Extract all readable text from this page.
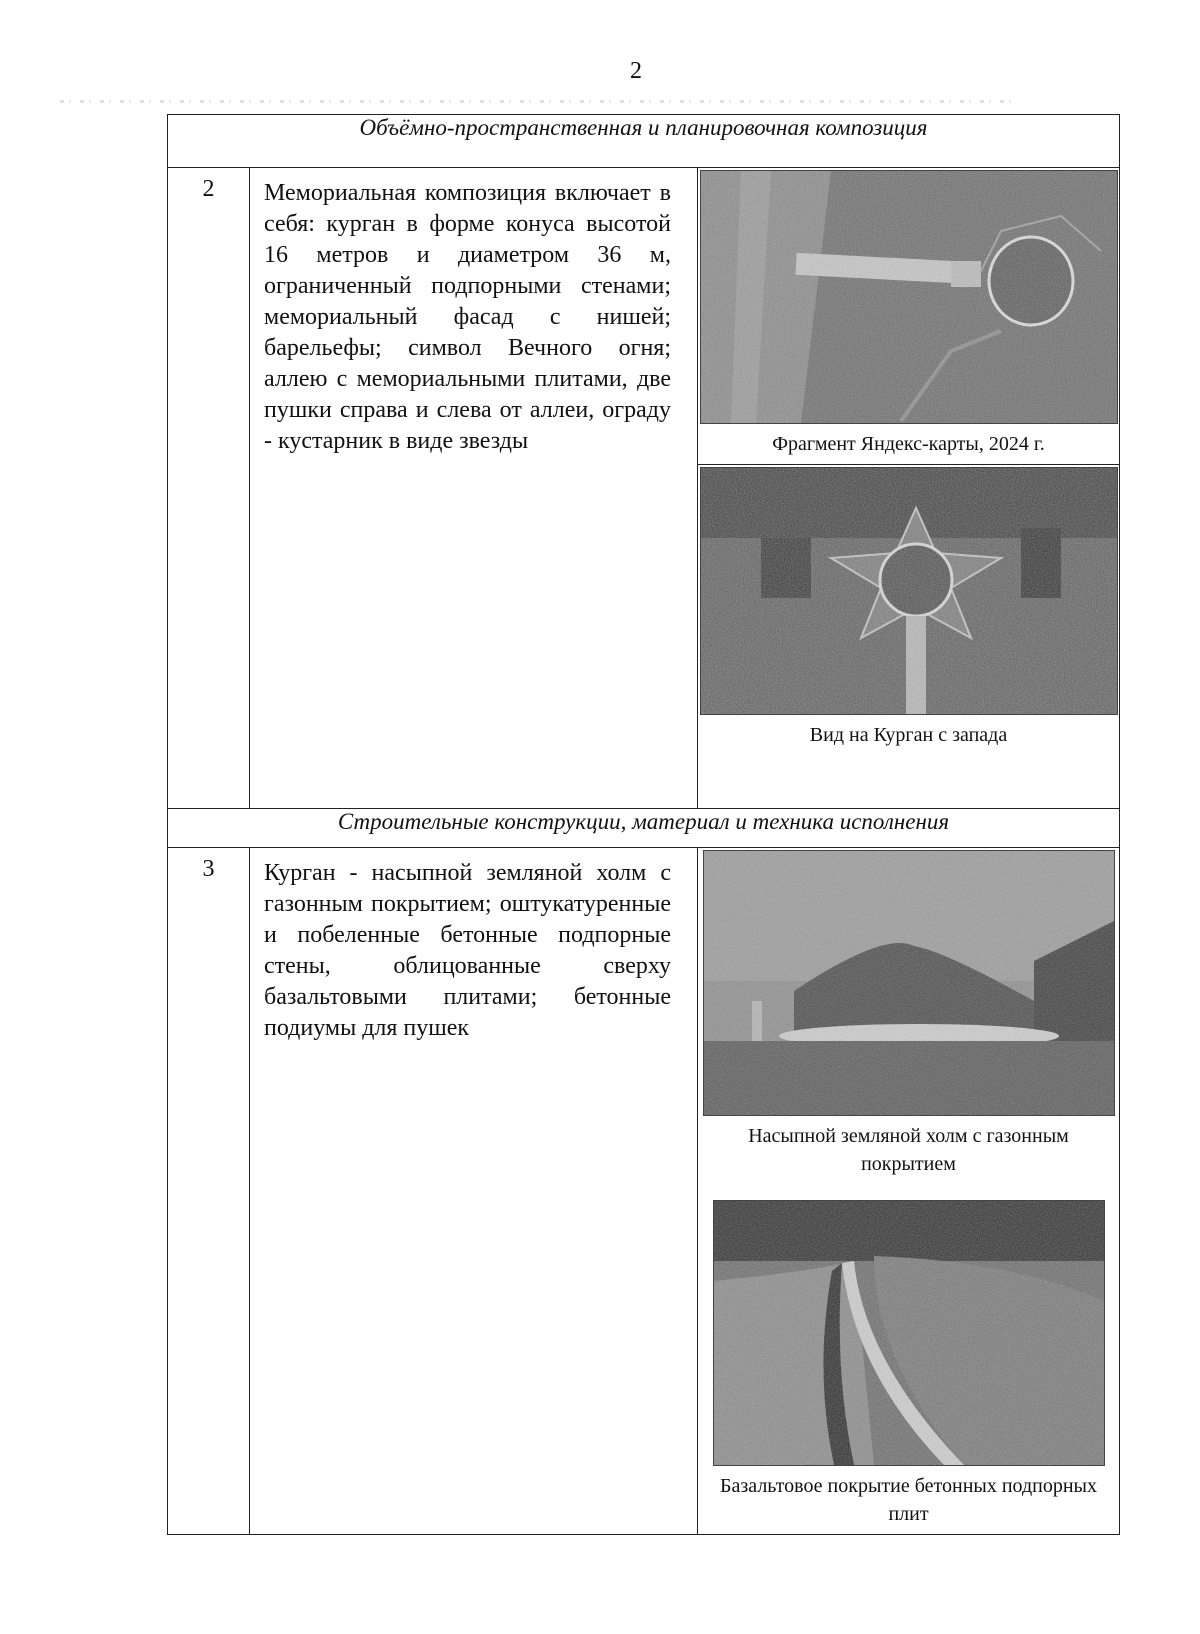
2
Объёмно-пространственная и планировочная композиция		
2	Мемориальная композиция включает в себя: курган в форме конуса высотой 16 метров и диаметром 36 м, ограниченный подпорными стенами; мемориальный фасад с нишей; барельефы; символ Вечного огня; аллею с мемориальными плитами, две пушки справа и слева от аллеи, ограду - кустарник в виде звезды	Фрагмент Яндекс-карты, 2024 г.
Вид на Курган с запада

Строительные конструкции, материал и техника исполнения		
3	Курган - насыпной земляной холм с газонным покрытием; оштукатуренные и побеленные бетонные подпорные стены, облицованные сверху базальтовыми плитами; бетонные подиумы для пушек	Насыпной земляной холм с газонным покрытием
Базальтовое покрытие бетонных подпорных плит
